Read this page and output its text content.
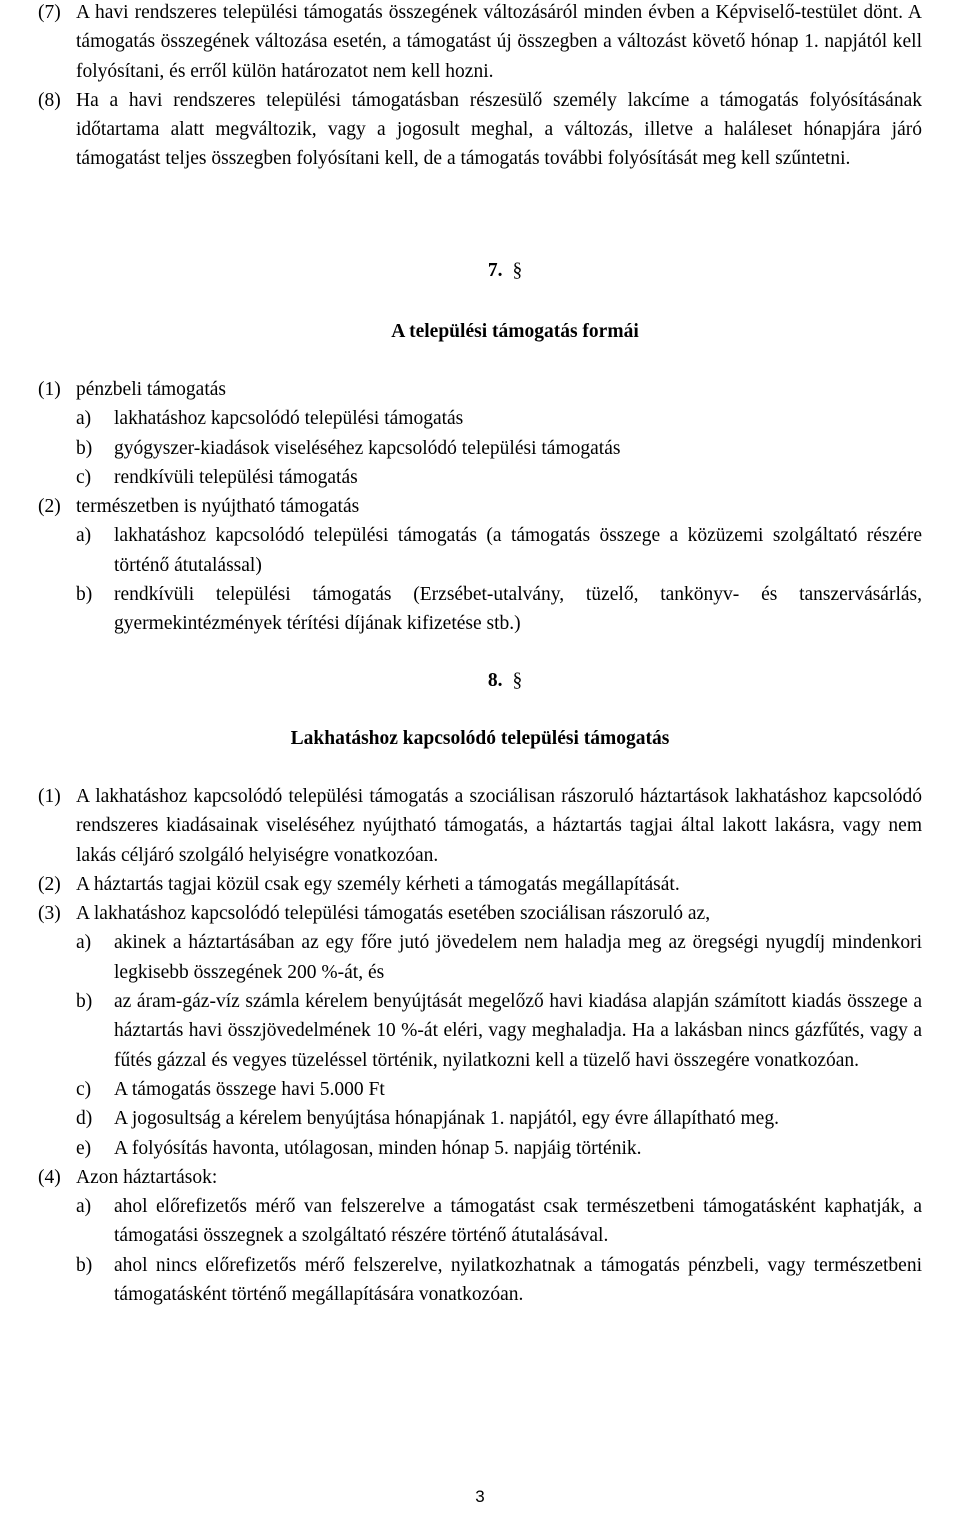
(7) A havi rendszeres települési támogatás összegének változásáról minden évben a Képviselő-testület dönt. A támogatás összegének változása esetén, a támogatást új összegben a változást követő hónap 1. napjától kell folyósítani, és erről külön határozatot nem kell hozni.
(8) Ha a havi rendszeres települési támogatásban részesülő személy lakcíme a támogatás folyósításának időtartama alatt megváltozik, vagy a jogosult meghal, a változás, illetve a haláleset hónapjára járó támogatást teljes összegben folyósítani kell, de a támogatás további folyósítását meg kell szűntetni.
7. §
A települési támogatás formái
(1) pénzbeli támogatás
a) lakhatáshoz kapcsolódó települési támogatás
b) gyógyszer-kiadások viseléséhez kapcsolódó települési támogatás
c) rendkívüli települési támogatás
(2) természetben is nyújtható támogatás
a) lakhatáshoz kapcsolódó települési támogatás (a támogatás összege a közüzemi szolgáltató részére történő átutalással)
b) rendkívüli települési támogatás (Erzsébet-utalvány, tüzelő, tankönyv- és tanszervásárlás, gyermekintézmények térítési díjának kifizetése stb.)
8. §
Lakhatáshoz kapcsolódó települési támogatás
(1) A lakhatáshoz kapcsolódó települési támogatás a szociálisan rászoruló háztartások lakhatáshoz kapcsolódó rendszeres kiadásainak viseléséhez nyújtható támogatás, a háztartás tagjai által lakott lakásra, vagy nem lakás céljáró szolgáló helyiségre vonatkozóan.
(2) A háztartás tagjai közül csak egy személy kérheti a támogatás megállapítását.
(3) A lakhatáshoz kapcsolódó települési támogatás esetében szociálisan rászoruló az,
a) akinek a háztartásában az egy főre jutó jövedelem nem haladja meg az öregségi nyugdíj mindenkori legkisebb összegének 200 %-át, és
b) az áram-gáz-víz számla kérelem benyújtását megelőző havi kiadása alapján számított kiadás összege a háztartás havi összjövedelmének 10 %-át eléri, vagy meghaladja. Ha a lakásban nincs gázfűtés, vagy a fűtés gázzal és vegyes tüzeléssel történik, nyilatkozni kell a tüzelő havi összegére vonatkozóan.
c) A támogatás összege havi 5.000 Ft
d) A jogosultság a kérelem benyújtása hónapjának 1. napjától, egy évre állapítható meg.
e) A folyósítás havonta, utólagosan, minden hónap 5. napjáig történik.
(4) Azon háztartások:
a) ahol előrefizetős mérő van felszerelve a támogatást csak természetbeni támogatásként kaphatják, a támogatási összegnek a szolgáltató részére történő átutalásával.
b) ahol nincs előrefizetős mérő felszerelve, nyilatkozhatnak a támogatás pénzbeli, vagy természetbeni támogatásként történő megállapítására vonatkozóan.
3
